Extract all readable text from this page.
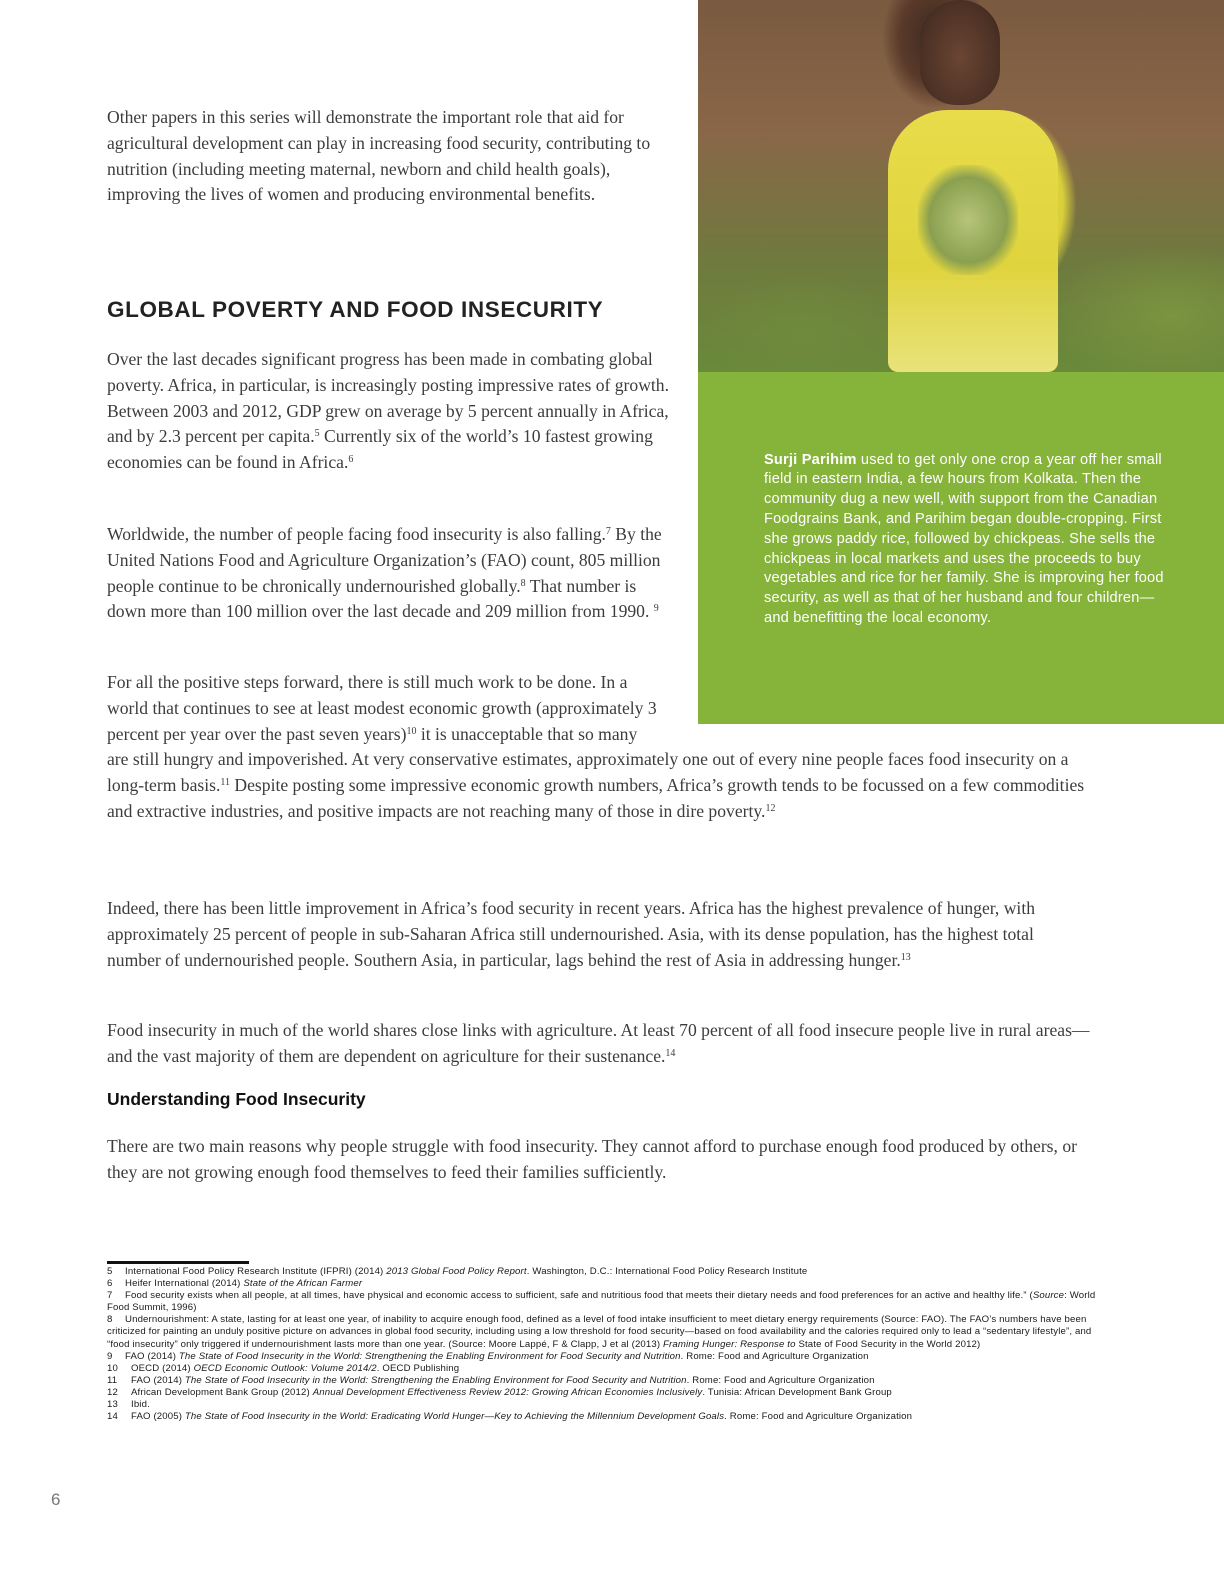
Surji Parihim used to get only one crop a year off her small field in eastern India, a few hours from Kolkata. Then the community dug a new well, with support from the Canadian Foodgrains Bank, and Parihim began double-cropping. First she grows paddy rice, followed by chickpeas. She sells the chickpeas in local markets and uses the proceeds to buy vegetables and rice for her family. She is improving her food security, as well as that of her husband and four children—and benefitting the local economy.

Other papers in this series will demonstrate the important role that aid for agricultural development can play in increasing food security, contributing to nutrition (including meeting maternal, newborn and child health goals), improving the lives of women and producing environmental benefits.

GLOBAL POVERTY AND FOOD INSECURITY

Over the last decades significant progress has been made in combating global poverty. Africa, in particular, is increasingly posting impressive rates of growth. Between 2003 and 2012, GDP grew on average by 5 percent annually in Africa, and by 2.3 percent per capita.$^5$ Currently six of the world’s 10 fastest growing economies can be found in Africa.$^6$

Worldwide, the number of people facing food insecurity is also falling.$^7$ By the United Nations Food and Agriculture Organization’s (FAO) count, 805 million people continue to be chronically undernourished globally.$^8$ That number is down more than 100 million over the last decade and 209 million from 1990. $^9$

For all the positive steps forward, there is still much work to be done. In a world that continues to see at least modest economic growth (approximately 3 percent per year over the past seven years)$^{10}$ it is unacceptable that so many are still hungry and impoverished. At very conservative estimates, approximately one out of every nine people faces food insecurity on a long-term basis.$^{11}$ Despite posting some impressive economic growth numbers, Africa’s growth tends to be focussed on a few commodities and extractive industries, and positive impacts are not reaching many of those in dire poverty.$^{12}$

Indeed, there has been little improvement in Africa’s food security in recent years. Africa has the highest prevalence of hunger, with approximately 25 percent of people in sub-Saharan Africa still undernourished. Asia, with its dense population, has the highest total number of undernourished people. Southern Asia, in particular, lags behind the rest of Asia in addressing hunger.$^{13}$

Food insecurity in much of the world shares close links with agriculture. At least 70 percent of all food insecure people live in rural areas—and the vast majority of them are dependent on agriculture for their sustenance.$^{14}$

Understanding Food Insecurity

There are two main reasons why people struggle with food insecurity. They cannot afford to purchase enough food produced by others, or they are not growing enough food themselves to feed their families sufficiently.

5 International Food Policy Research Institute (IFPRI) (2014) 2013 Global Food Policy Report. Washington, D.C.: International Food Policy Research Institute

6 Heifer International (2014) State of the African Farmer

7 Food security exists when all people, at all times, have physical and economic access to sufficient, safe and nutritious food that meets their dietary needs and food preferences for an active and healthy life.” (Source: World Food Summit, 1996)

8 Undernourishment: A state, lasting for at least one year, of inability to acquire enough food, defined as a level of food intake insufficient to meet dietary energy requirements (Source: FAO). The FAO’s numbers have been criticized for painting an unduly positive picture on advances in global food security, including using a low threshold for food security—based on food availability and the calories required only to lead a “sedentary lifestyle”, and “food insecurity” only triggered if undernourishment lasts more than one year. (Source: Moore Lappé, F & Clapp, J et al (2013) Framing Hunger: Response to State of Food Security in the World 2012)

9 FAO (2014) The State of Food Insecurity in the World: Strengthening the Enabling Environment for Food Security and Nutrition. Rome: Food and Agriculture Organization

10 OECD (2014) OECD Economic Outlook: Volume 2014/2. OECD Publishing

11 FAO (2014) The State of Food Insecurity in the World: Strengthening the Enabling Environment for Food Security and Nutrition. Rome: Food and Agriculture Organization

12 African Development Bank Group (2012) Annual Development Effectiveness Review 2012: Growing African Economies Inclusively. Tunisia: African Development Bank Group

13 Ibid.

14 FAO (2005) The State of Food Insecurity in the World: Eradicating World Hunger—Key to Achieving the Millennium Development Goals. Rome: Food and Agriculture Organization

6
